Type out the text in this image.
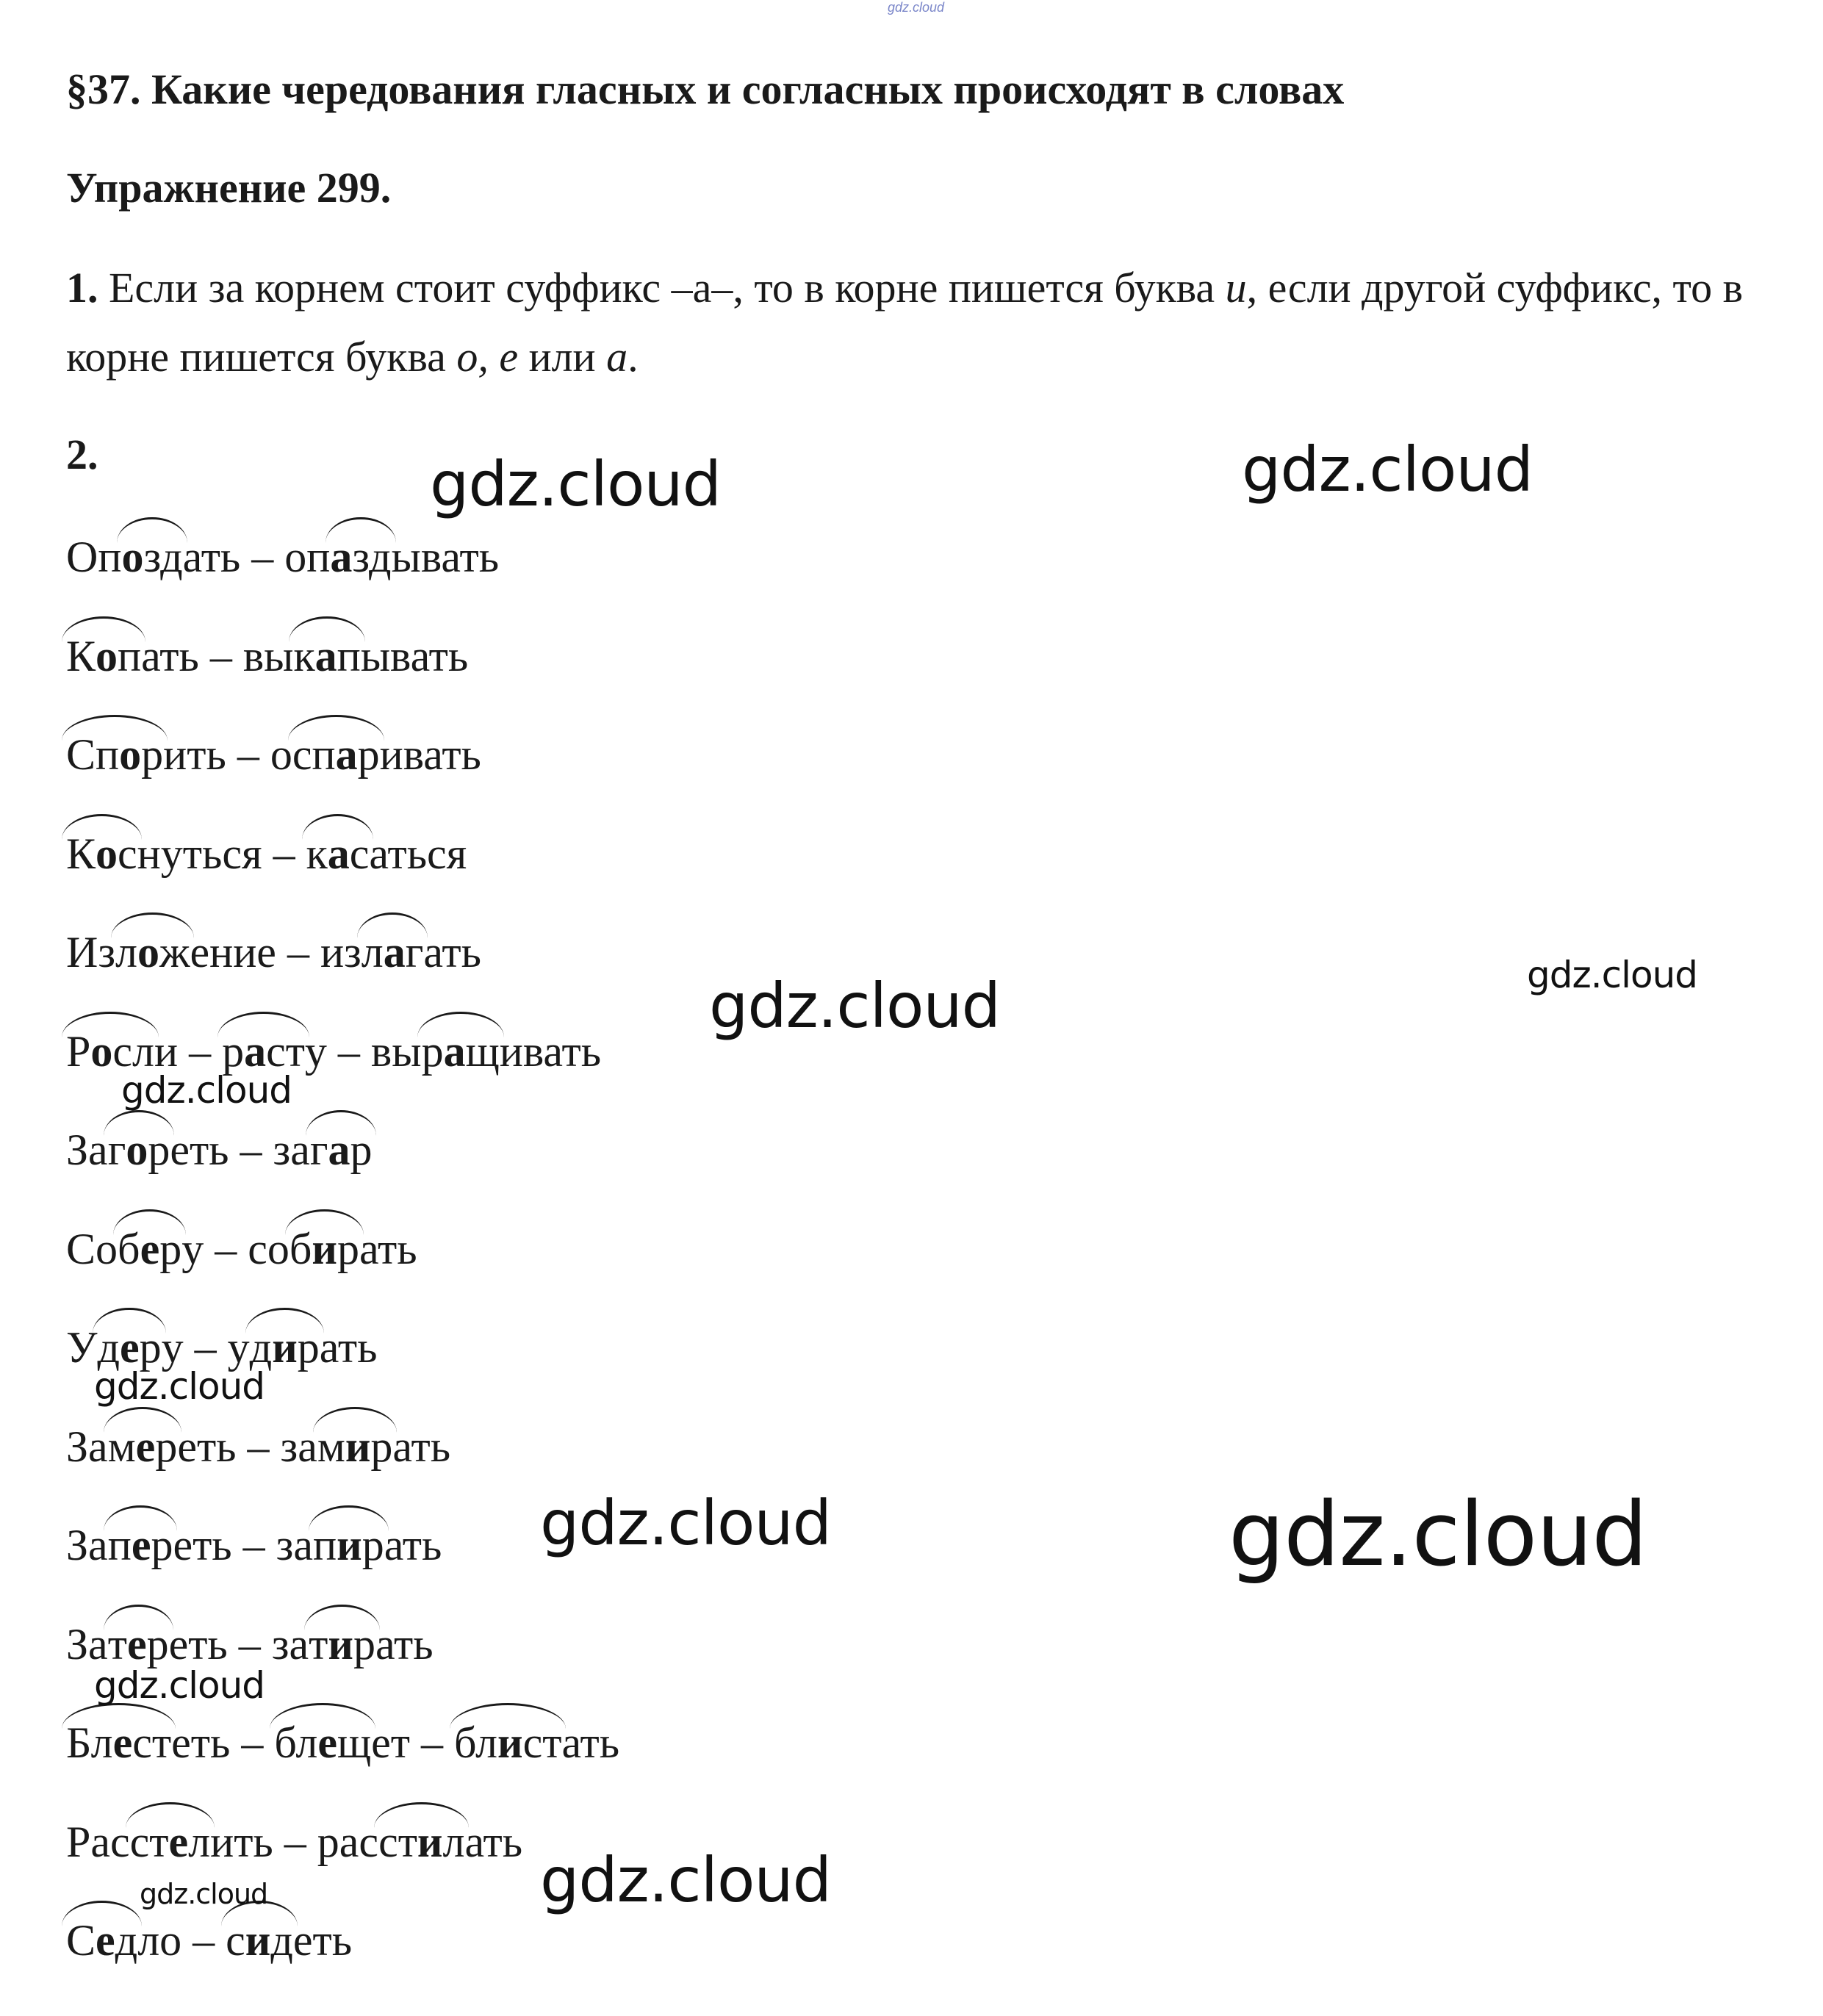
gdz.cloud
§37. Какие чередования гласных и согласных происходят в словах
Упражнение 299.

1. Если за корнем стоит суффикс –а–, то в корне пишется буква и, если другой суффикс, то в корне пишется буква о, е или а.

2.

Оп
оздать – оп
аздывать
Копать – вы
капывать
Спорить – о
спаривать
Коснуться –
касаться
Из
ложение – из
лагать
Росли –
расту – вы
ращивать
За
гореть – за
гар
Со
беру – со
бирать
У
деру – у
дирать
За
мереть – за
мирать
За
переть – за
пирать
За
тереть – за
тирать
Блестеть –
блещет –
блистать
Рас
стелить – рас
стилать
Седло –
сидеть
gdz.cloud	gdz.cloud
gdz.cloud	gdz.cloud
gdz.cloud
gdz.cloud
gdz.cloud	gdz.cloud
gdz.cloud
gdz.cloud
gdz.cloud
